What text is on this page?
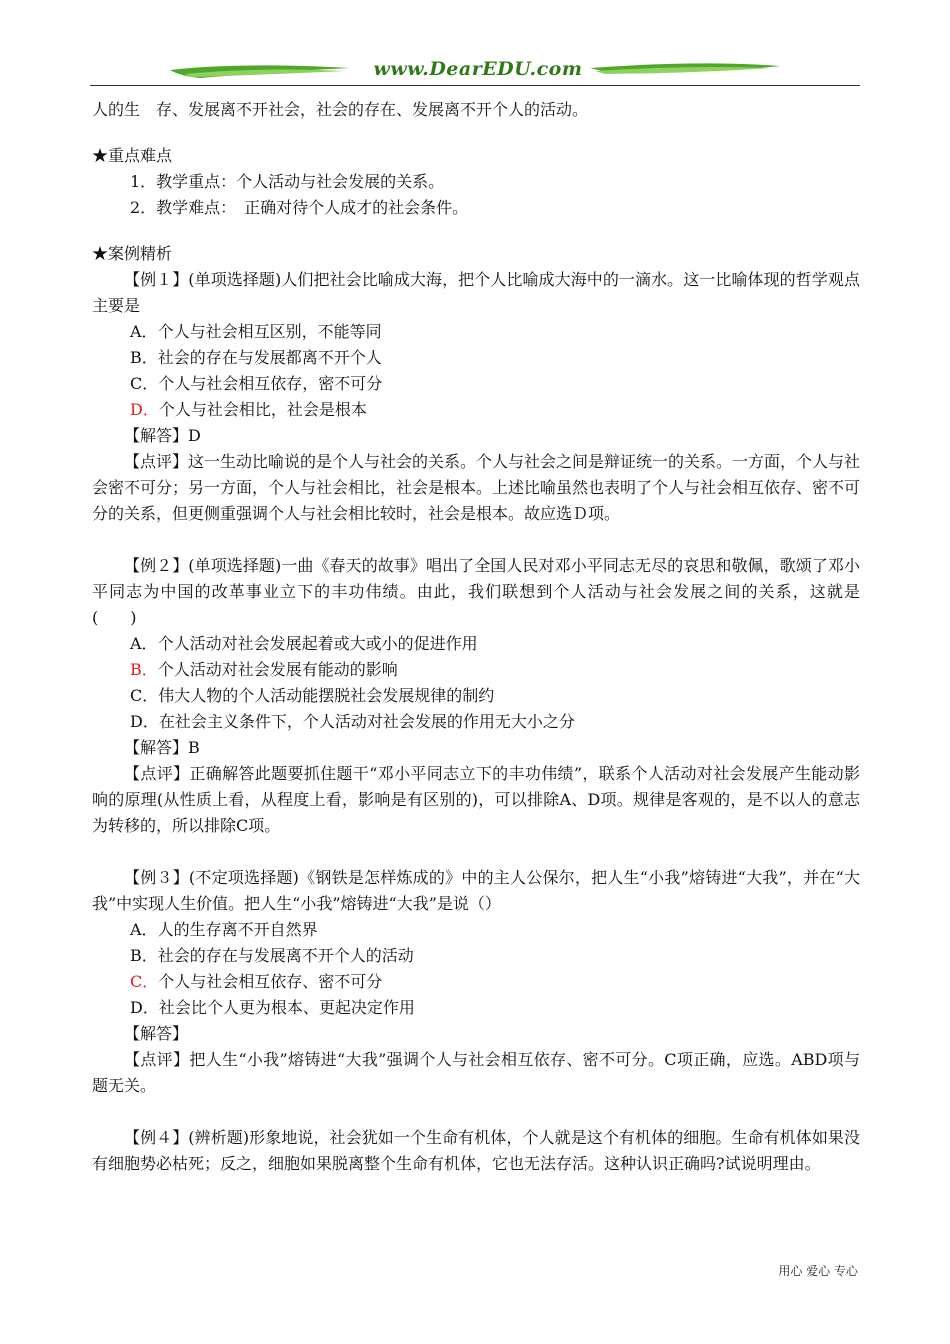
www.DearEDU.com
人的生　存、发展离不开社会，社会的存在、发展离不开个人的活动。
★重点难点
1．教学重点：个人活动与社会发展的关系。
2．教学难点：　正确对待个人成才的社会条件。
★案例精析
【例１】(单项选择题)人们把社会比喻成大海，把个人比喻成大海中的一滴水。这一比喻体现的哲学观点主要是
A．个人与社会相互区别，不能等同
B．社会的存在与发展都离不开个人
C．个人与社会相互依存，密不可分
D．个人与社会相比，社会是根本
【解答】D
【点评】这一生动比喻说的是个人与社会的关系。个人与社会之间是辩证统一的关系。一方面，个人与社会密不可分；另一方面，个人与社会相比，社会是根本。上述比喻虽然也表明了个人与社会相互依存、密不可分的关系，但更侧重强调个人与社会相比较时，社会是根本。故应选Ｄ项。
【例２】(单项选择题)一曲《春天的故事》唱出了全国人民对邓小平同志无尽的哀思和敬佩，歌颂了邓小平同志为中国的改革事业立下的丰功伟绩。由此，我们联想到个人活动与社会发展之间的关系，这就是　　(　　)
A．个人活动对社会发展起着或大或小的促进作用
B．个人活动对社会发展有能动的影响
C．伟大人物的个人活动能摆脱社会发展规律的制约
D．在社会主义条件下，个人活动对社会发展的作用无大小之分
【解答】B
【点评】正确解答此题要抓住题干“邓小平同志立下的丰功伟绩”，联系个人活动对社会发展产生能动影响的原理(从性质上看，从程度上看，影响是有区别的)，可以排除A、D项。规律是客观的，是不以人的意志为转移的，所以排除C项。
【例３】(不定项选择题)《钢铁是怎样炼成的》中的主人公保尔，把人生“小我”熔铸进“大我”，并在“大我”中实现人生价值。把人生“小我”熔铸进“大我”是说（）
A．人的生存离不开自然界
B．社会的存在与发展离不开个人的活动
C．个人与社会相互依存、密不可分
D．社会比个人更为根本、更起决定作用
【解答】
【点评】把人生“小我”熔铸进“大我”强调个人与社会相互依存、密不可分。C项正确，应选。ABD项与题无关。
【例４】(辨析题)形象地说，社会犹如一个生命有机体，个人就是这个有机体的细胞。生命有机体如果没有细胞势必枯死；反之，细胞如果脱离整个生命有机体，它也无法存活。这种认识正确吗?试说明理由。
用心 爱心 专心
